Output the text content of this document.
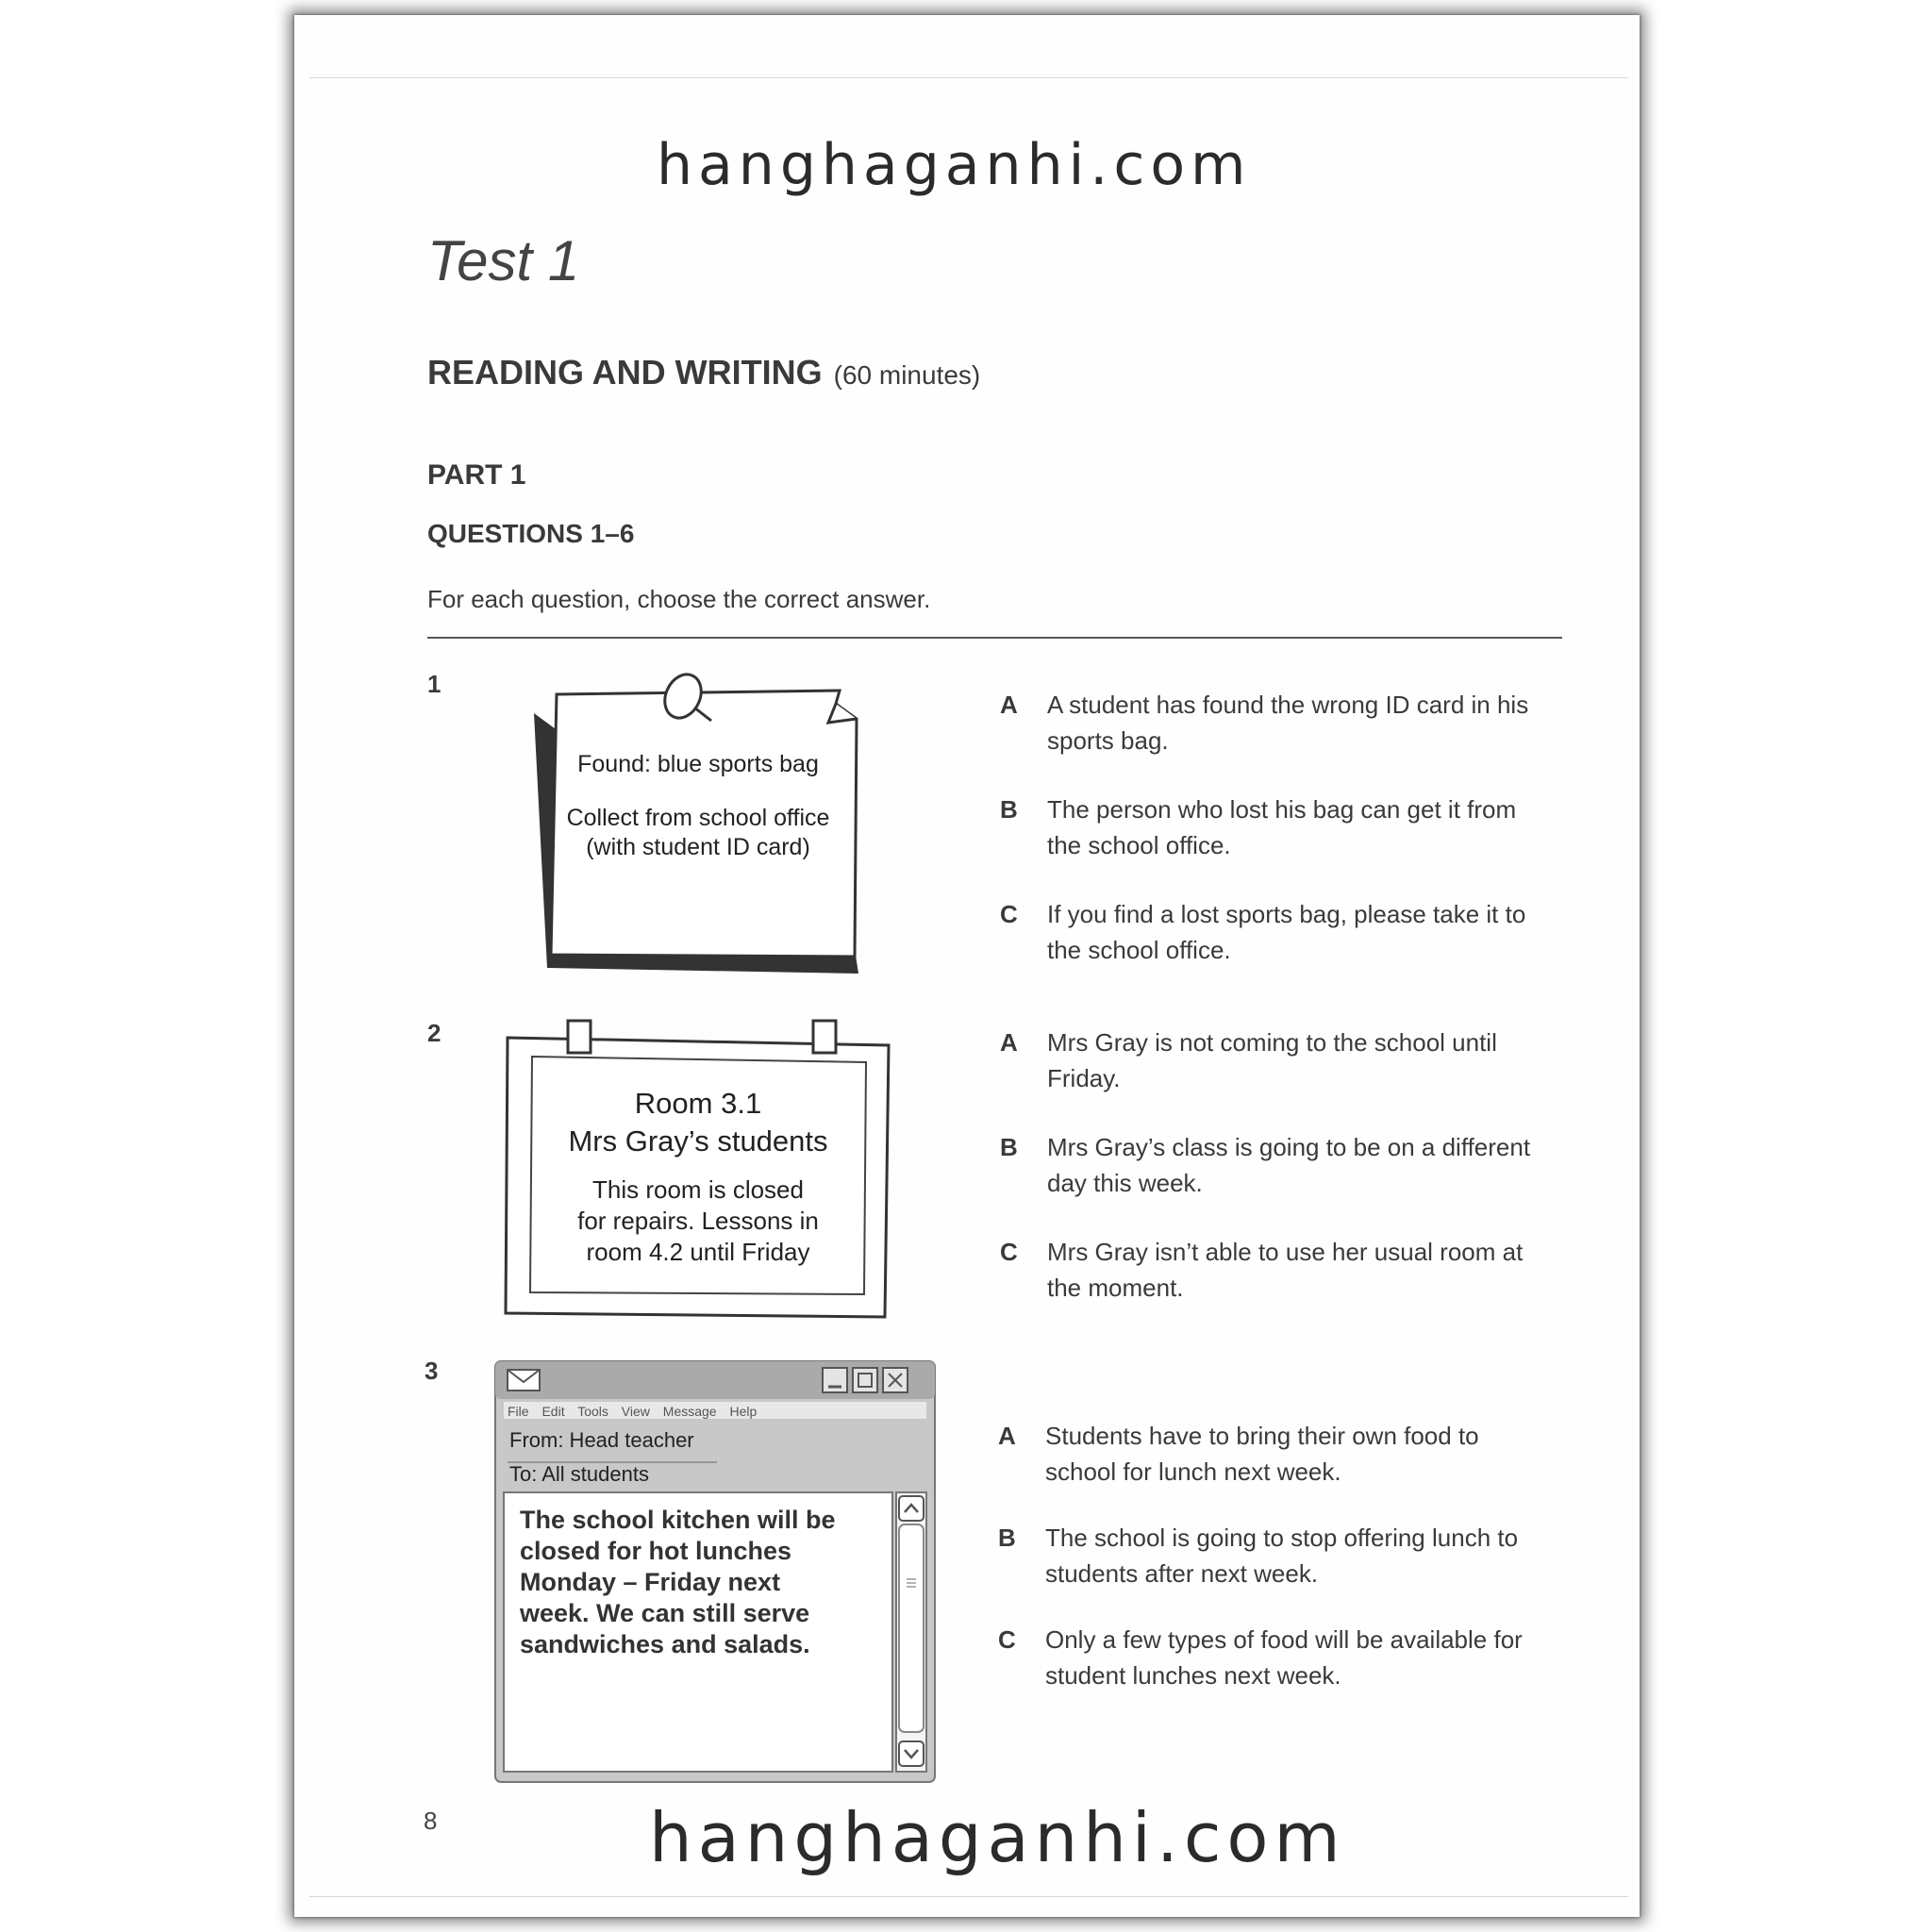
hanghaganhi.com
Test 1
READING AND WRITING (60 minutes)
PART 1
QUESTIONS 1–6
For each question, choose the correct answer.
1
Found: blue sports bag
Collect from school office
(with student ID card)
A A student has found the wrong ID card in his sports bag.
B The person who lost his bag can get it from the school office.
C If you find a lost sports bag, please take it to the school office.
2
Room 3.1
Mrs Gray’s students
This room is closed
for repairs. Lessons in
room 4.2 until Friday
A Mrs Gray is not coming to the school until Friday.
B Mrs Gray’s class is going to be on a different day this week.
C Mrs Gray isn’t able to use her usual room at the moment.
3
File Edit Tools View Message Help
From: Head teacher
To: All students
The school kitchen will be
closed for hot lunches
Monday – Friday next
week. We can still serve
sandwiches and salads.
A Students have to bring their own food to school for lunch next week.
B The school is going to stop offering lunch to students after next week.
C Only a few types of food will be available for student lunches next week.
8	hanghaganhi.com
